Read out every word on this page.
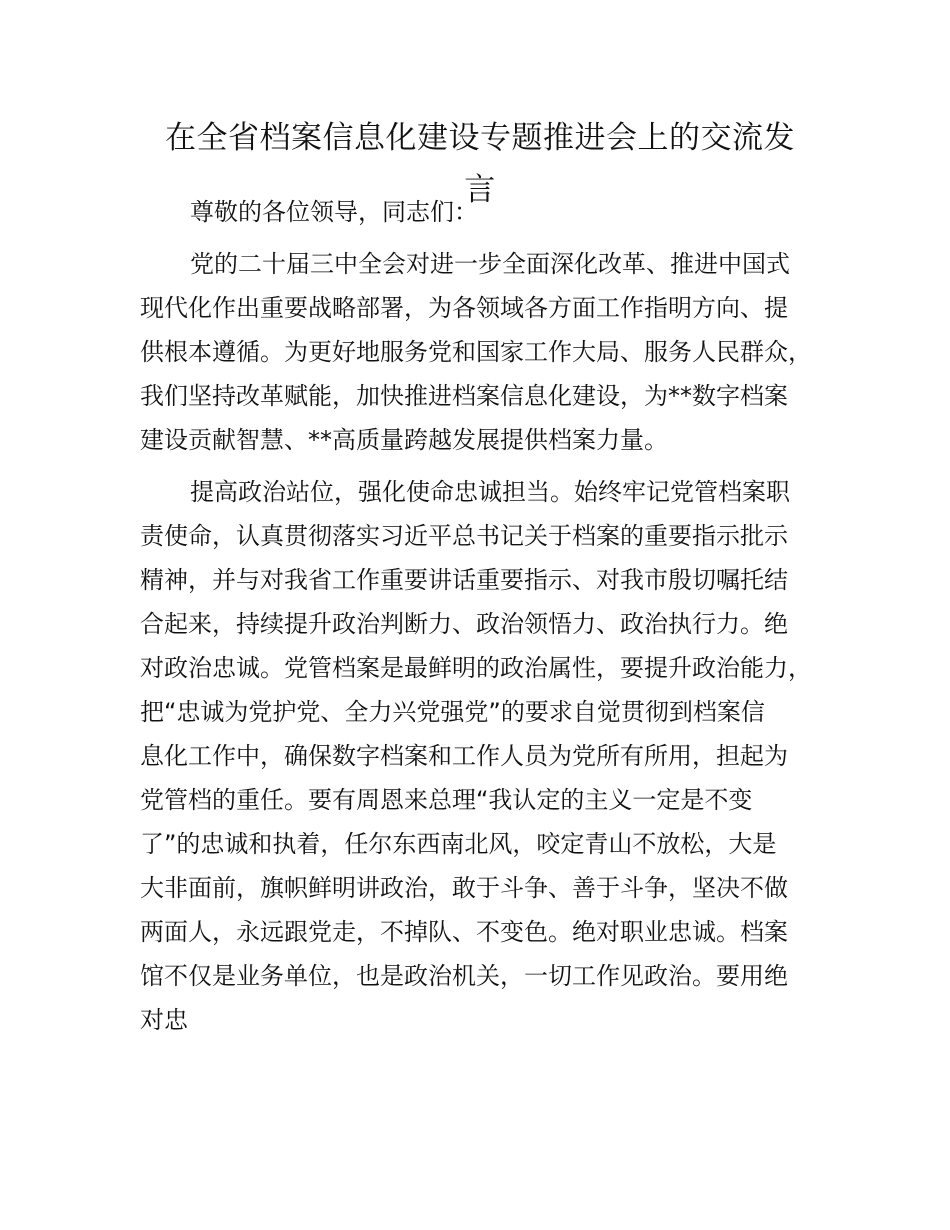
在全省档案信息化建设专题推进会上的交流发
言
尊敬的各位领导，同志们：
党的二十届三中全会对进一步全面深化改革、推进中国式
现代化作出重要战略部署，为各领域各方面工作指明方向、提
供根本遵循。为更好地服务党和国家工作大局、服务人民群众，
我们坚持改革赋能，加快推进档案信息化建设，为**数字档案
建设贡献智慧、**高质量跨越发展提供档案力量。
提高政治站位，强化使命忠诚担当。始终牢记党管档案职
责使命，认真贯彻落实习近平总书记关于档案的重要指示批示
精神，并与对我省工作重要讲话重要指示、对我市殷切嘱托结
合起来，持续提升政治判断力、政治领悟力、政治执行力。绝
对政治忠诚。党管档案是最鲜明的政治属性，要提升政治能力，
把“忠诚为党护党、全力兴党强党”的要求自觉贯彻到档案信
息化工作中，确保数字档案和工作人员为党所有所用，担起为
党管档的重任。要有周恩来总理“我认定的主义一定是不变
了”的忠诚和执着，任尔东西南北风，咬定青山不放松，大是
大非面前，旗帜鲜明讲政治，敢于斗争、善于斗争，坚决不做
两面人，永远跟党走，不掉队、不变色。绝对职业忠诚。档案
馆不仅是业务单位，也是政治机关，一切工作见政治。要用绝
对忠
